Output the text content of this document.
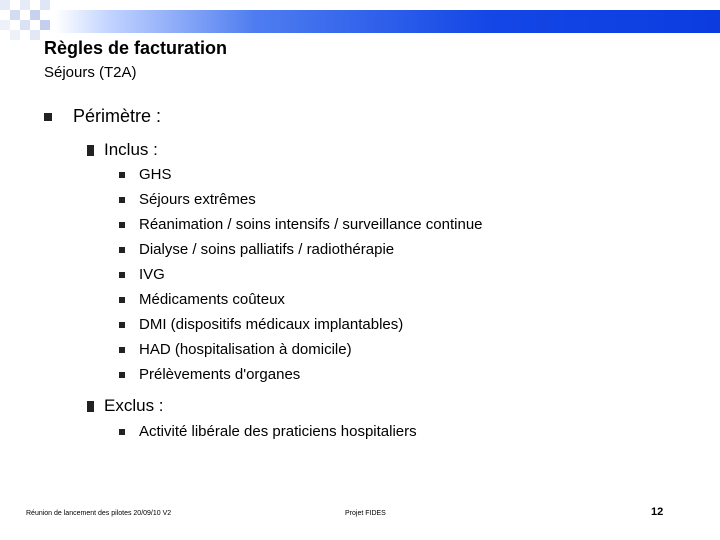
Règles de facturation
Séjours (T2A)
Périmètre :
Inclus :
GHS
Séjours extrêmes
Réanimation / soins intensifs / surveillance continue
Dialyse / soins palliatifs / radiothérapie
IVG
Médicaments coûteux
DMI (dispositifs médicaux implantables)
HAD (hospitalisation à domicile)
Prélèvements d'organes
Exclus :
Activité libérale des praticiens hospitaliers
Réunion de lancement des pilotes 20/09/10 V2	Projet FIDES	12
